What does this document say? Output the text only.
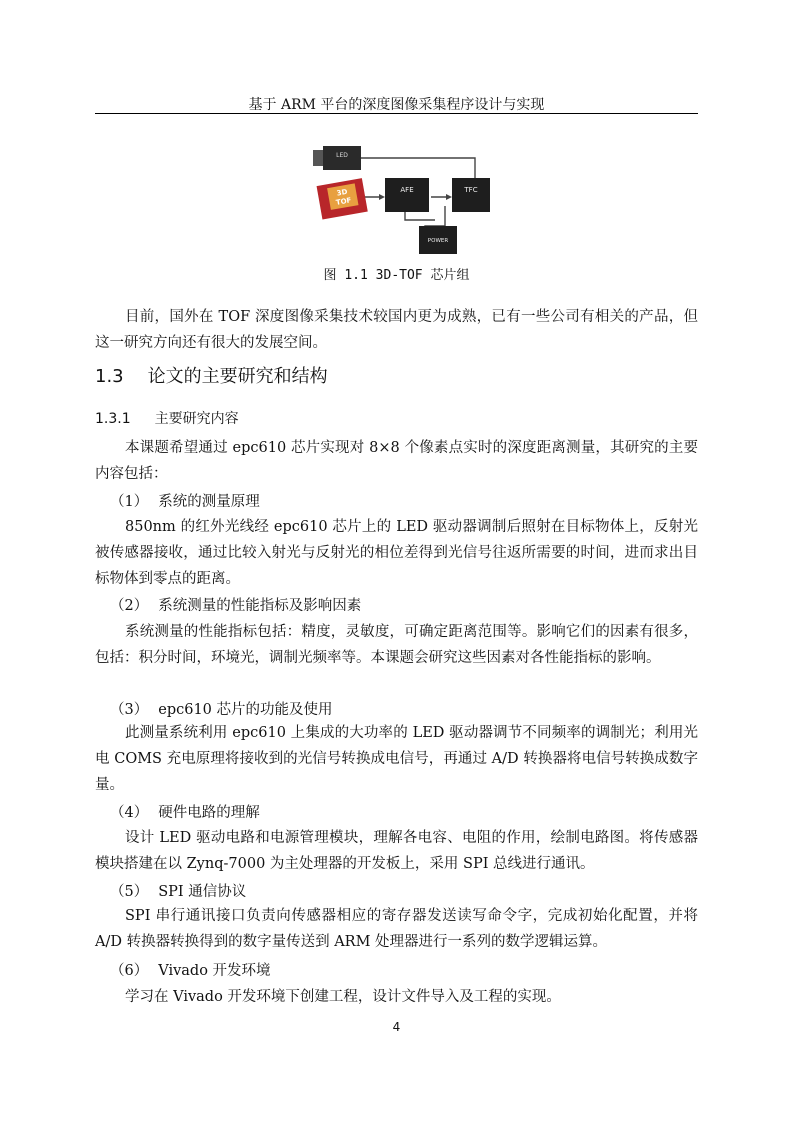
基于 ARM 平台的深度图像采集程序设计与实现
LED
3D
TOF
AFE	TFC
POWER
图 1.1 3D-TOF 芯片组

目前，国外在 TOF 深度图像采集技术较国内更为成熟，已有一些公司有相关的产品，但这一研究方向还有很大的发展空间。

1.3 论文的主要研究和结构
1.3.1 主要研究内容

本课题希望通过 epc610 芯片实现对 8×8 个像素点实时的深度距离测量，其研究的主要内容包括：

（1） 系统的测量原理

850nm 的红外光线经 epc610 芯片上的 LED 驱动器调制后照射在目标物体上，反射光被传感器接收，通过比较入射光与反射光的相位差得到光信号往返所需要的时间，进而求出目标物体到零点的距离。

（2） 系统测量的性能指标及影响因素

系统测量的性能指标包括：精度，灵敏度，可确定距离范围等。影响它们的因素有很多，包括：积分时间，环境光，调制光频率等。本课题会研究这些因素对各性能指标的影响。

（3） epc610 芯片的功能及使用

此测量系统利用 epc610 上集成的大功率的 LED 驱动器调节不同频率的调制光；利用光电 COMS 充电原理将接收到的光信号转换成电信号，再通过 A/D 转换器将电信号转换成数字量。

（4） 硬件电路的理解

设计 LED 驱动电路和电源管理模块，理解各电容、电阻的作用，绘制电路图。将传感器模块搭建在以 Zynq-7000 为主处理器的开发板上，采用 SPI 总线进行通讯。

（5） SPI 通信协议

SPI 串行通讯接口负责向传感器相应的寄存器发送读写命令字，完成初始化配置，并将 A/D 转换器转换得到的数字量传送到 ARM 处理器进行一系列的数学逻辑运算。

（6） Vivado 开发环境

学习在 Vivado 开发环境下创建工程，设计文件导入及工程的实现。

4
